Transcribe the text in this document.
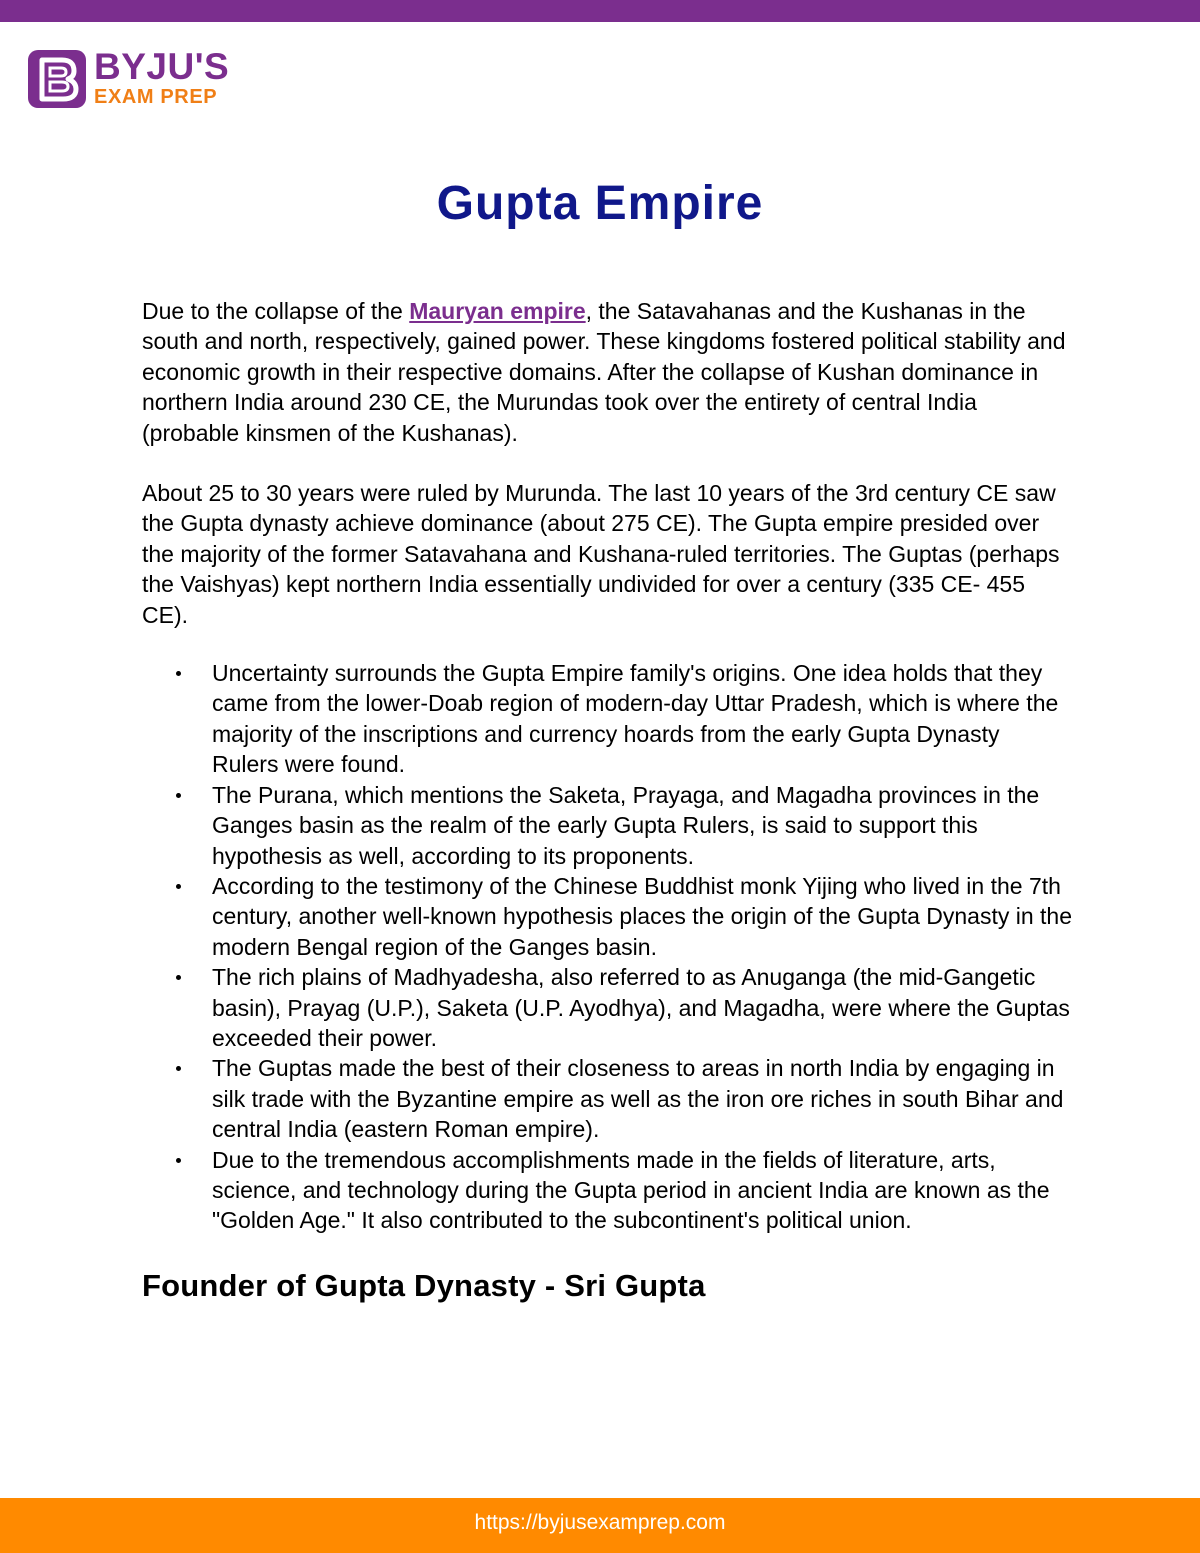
BYJU'S
EXAM PREP
Gupta Empire

Due to the collapse of the Mauryan empire, the Satavahanas and the Kushanas in the south and north, respectively, gained power. These kingdoms fostered political stability and economic growth in their respective domains. After the collapse of Kushan dominance in northern India around 230 CE, the Murundas took over the entirety of central India (probable kinsmen of the Kushanas).

About 25 to 30 years were ruled by Murunda. The last 10 years of the 3rd century CE saw the Gupta dynasty achieve dominance (about 275 CE). The Gupta empire presided over the majority of the former Satavahana and Kushana-ruled territories. The Guptas (perhaps the Vaishyas) kept northern India essentially undivided for over a century (335 CE- 455 CE).

Uncertainty surrounds the Gupta Empire family's origins. One idea holds that they came from the lower-Doab region of modern-day Uttar Pradesh, which is where the majority of the inscriptions and currency hoards from the early Gupta Dynasty Rulers were found.
The Purana, which mentions the Saketa, Prayaga, and Magadha provinces in the Ganges basin as the realm of the early Gupta Rulers, is said to support this hypothesis as well, according to its proponents.
According to the testimony of the Chinese Buddhist monk Yijing who lived in the 7th century, another well-known hypothesis places the origin of the Gupta Dynasty in the modern Bengal region of the Ganges basin.
The rich plains of Madhyadesha, also referred to as Anuganga (the mid-Gangetic basin), Prayag (U.P.), Saketa (U.P. Ayodhya), and Magadha, were where the Guptas exceeded their power.
The Guptas made the best of their closeness to areas in north India by engaging in silk trade with the Byzantine empire as well as the iron ore riches in south Bihar and central India (eastern Roman empire).
Due to the tremendous accomplishments made in the fields of literature, arts, science, and technology during the Gupta period in ancient India are known as the "Golden Age." It also contributed to the subcontinent's political union.
Founder of Gupta Dynasty - Sri Gupta
https://byjusexamprep.com
